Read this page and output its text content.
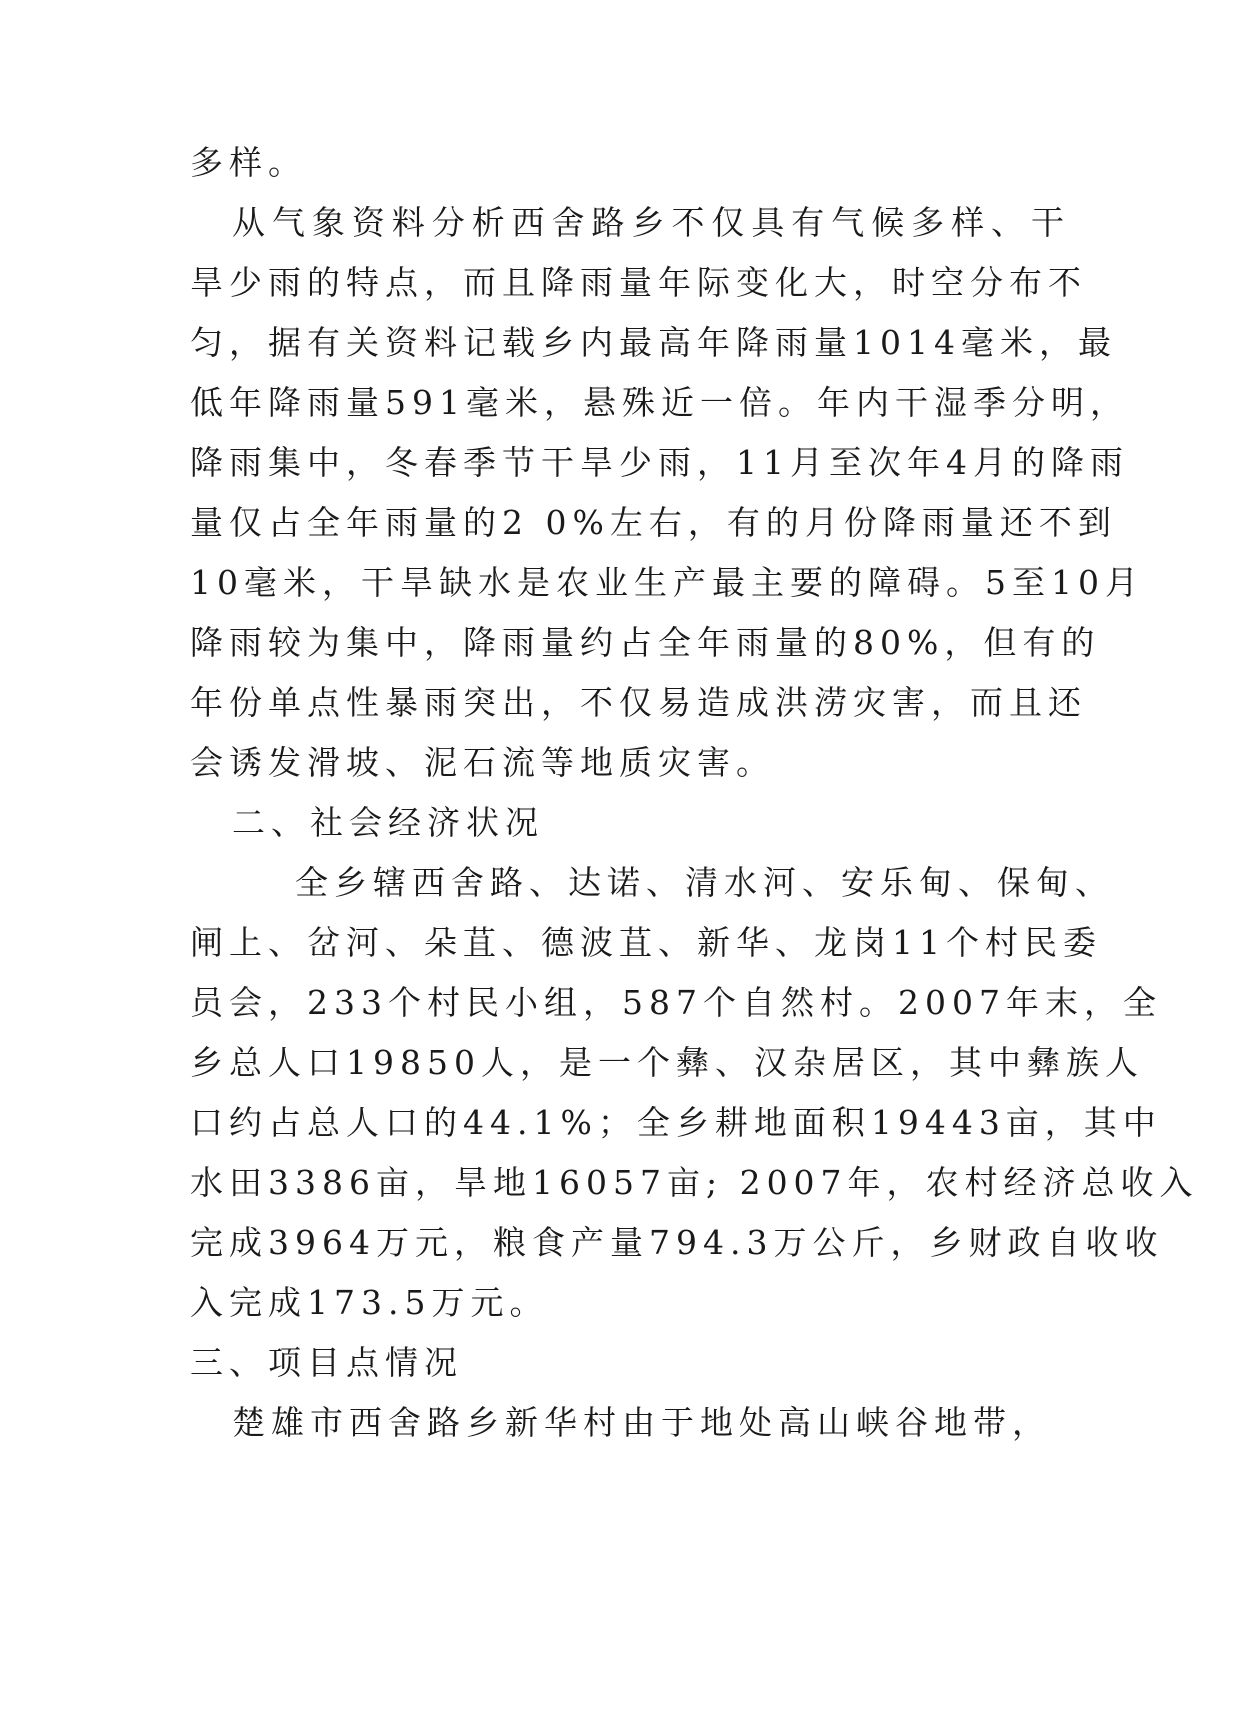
多样。
从气象资料分析西舍路乡不仅具有气候多样、干
旱少雨的特点，而且降雨量年际变化大，时空分布不
匀，据有关资料记载乡内最高年降雨量1014毫米，最
低年降雨量591毫米，悬殊近一倍。年内干湿季分明，
降雨集中，冬春季节干旱少雨，11月至次年4月的降雨
量仅占全年雨量的2 0%左右，有的月份降雨量还不到
10毫米，干旱缺水是农业生产最主要的障碍。5至10月
降雨较为集中，降雨量约占全年雨量的80%，但有的
年份单点性暴雨突出，不仅易造成洪涝灾害，而且还
会诱发滑坡、泥石流等地质灾害。
二、社会经济状况
全乡辖西舍路、达诺、清水河、安乐甸、保甸、
闸上、岔河、朵苴、德波苴、新华、龙岗11个村民委
员会，233个村民小组，587个自然村。2007年末，全
乡总人口19850人，是一个彝、汉杂居区，其中彝族人
口约占总人口的44.1%；全乡耕地面积19443亩，其中
水田3386亩，旱地16057亩; 2007年，农村经济总收入
完成3964万元，粮食产量794.3万公斤，乡财政自收收
入完成173.5万元。
三、项目点情况
楚雄市西舍路乡新华村由于地处高山峡谷地带，
